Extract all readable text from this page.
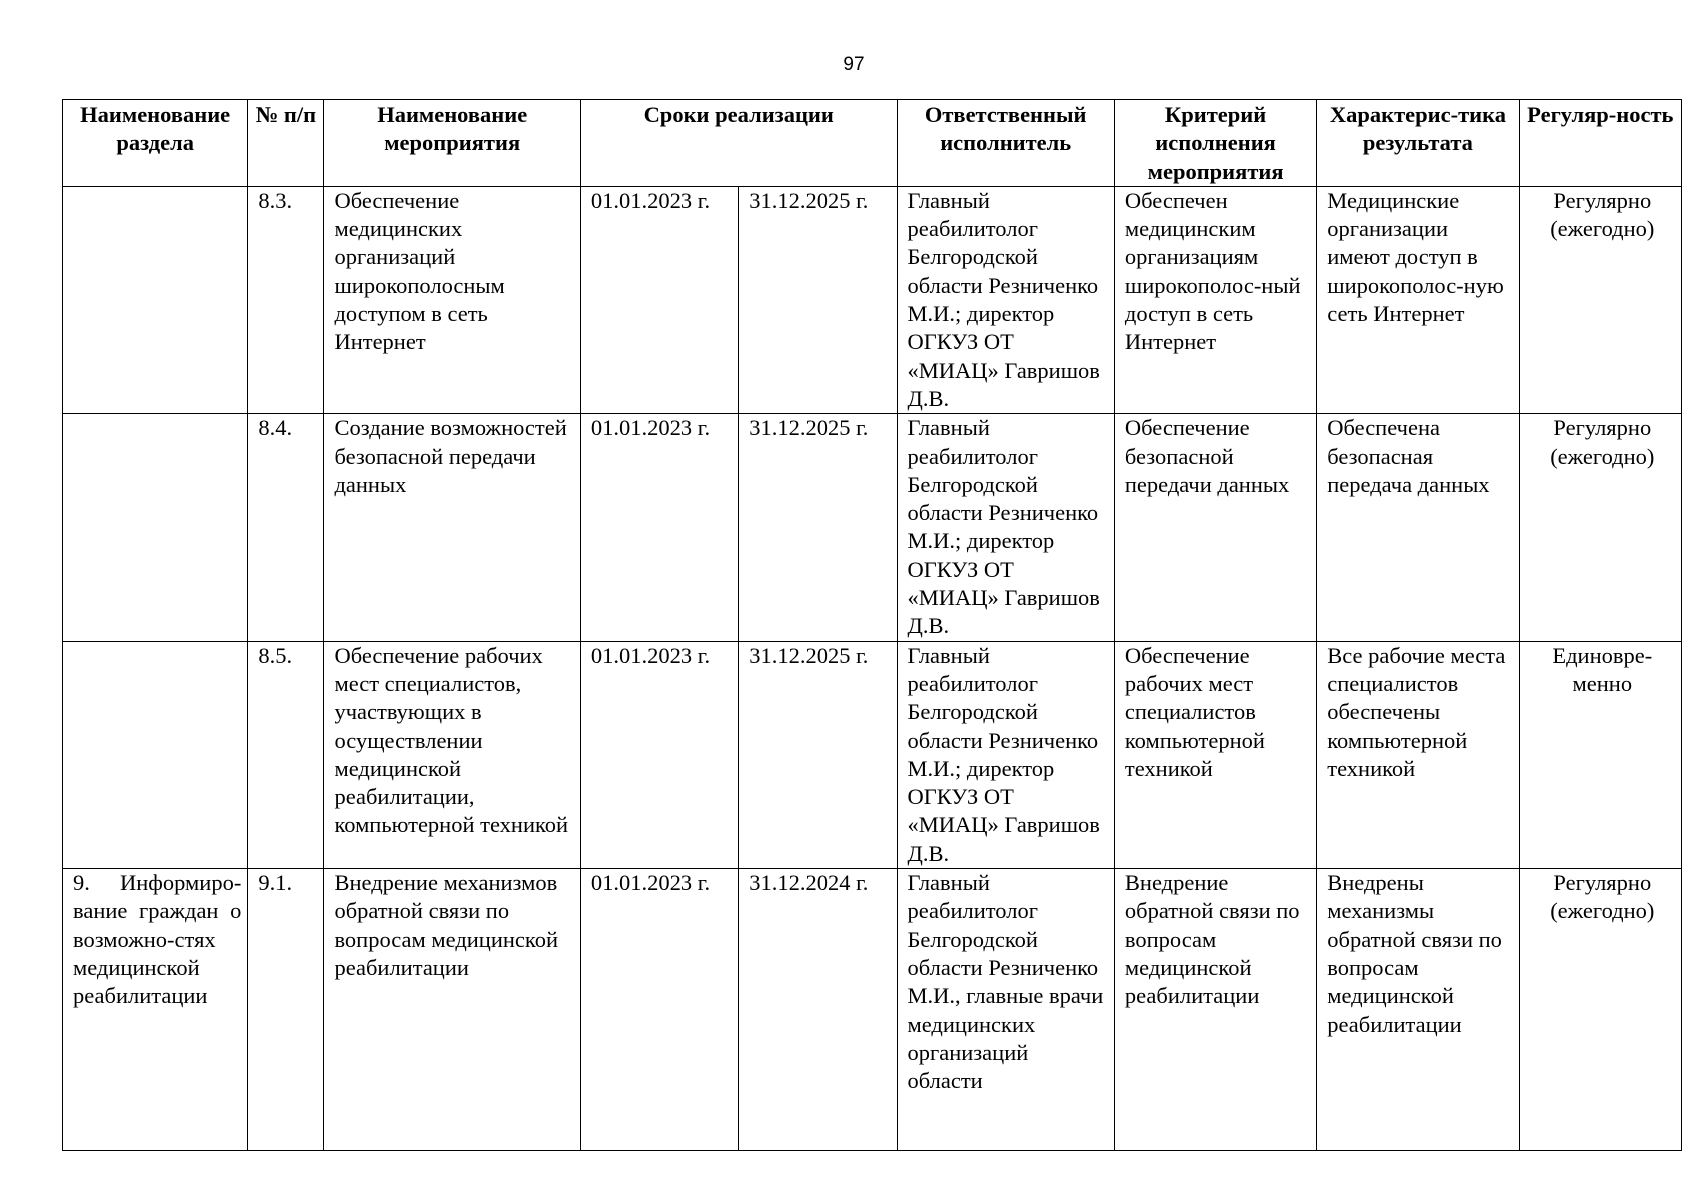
97
Наименование раздела	№ п/п	Наименование мероприятия	Сроки реализации		Ответственный исполнитель	Критерий исполнения мероприятия	Характерис-тика результата	Регуляр-ность
	8.3.	Обеспечение медицинских организаций широкополосным доступом в сеть Интернет	01.01.2023 г.	31.12.2025 г.	Главный реабилитолог Белгородской области Резниченко М.И.; директор ОГКУЗ ОТ «МИАЦ» Гавришов Д.В.	Обеспечен медицинским организациям широкополос-ный доступ в сеть Интернет	Медицинские организации имеют доступ в широкополос-ную сеть Интернет	Регулярно (ежегодно)
	8.4.	Создание возможностей безопасной передачи данных	01.01.2023 г.	31.12.2025 г.	Главный реабилитолог Белгородской области Резниченко М.И.; директор ОГКУЗ ОТ «МИАЦ» Гавришов Д.В.	Обеспечение безопасной передачи данных	Обеспечена безопасная передача данных	Регулярно (ежегодно)
	8.5.	Обеспечение рабочих мест специалистов, участвующих в осуществлении медицинской реабилитации, компьютерной техникой	01.01.2023 г.	31.12.2025 г.	Главный реабилитолог Белгородской области Резниченко М.И.; директор ОГКУЗ ОТ «МИАЦ» Гавришов Д.В.	Обеспечение рабочих мест специалистов компьютерной техникой	Все рабочие места специалистов обеспечены компьютерной техникой	Единовре-менно
9. Информиро-вание граждан о возможно-стях медицинской реабилитации	9.1.	Внедрение механизмов обратной связи по вопросам медицинской реабилитации	01.01.2023 г.	31.12.2024 г.	Главный реабилитолог Белгородской области Резниченко М.И., главные врачи медицинских организаций области	Внедрение обратной связи по вопросам медицинской реабилитации	Внедрены механизмы обратной связи по вопросам медицинской реабилитации	Регулярно (ежегодно)
